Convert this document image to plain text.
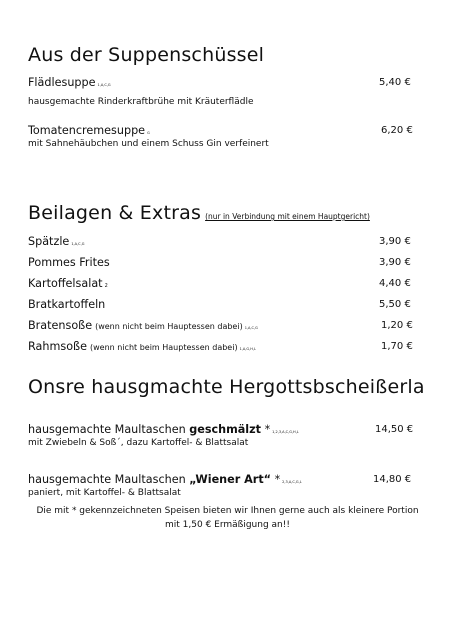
Aus der Suppenschüssel
Flädlesuppe 1,A,C,G	5,40 €
hausgemachte Rinderkraftbrühe mit Kräuterflädle
Tomatencremesuppe G	6,20 €
mit Sahnehäubchen und einem Schuss Gin verfeinert
Beilagen & Extras (nur in Verbindung mit einem Hauptgericht)
Spätzle 1,A,C,G	3,90 €
Pommes Frites	3,90 €
Kartoffelsalat 2	4,40 €
Bratkartoffeln	5,50 €
Bratensoße (wenn nicht beim Hauptessen dabei) 1,A,C,G	1,20 €
Rahmsoße (wenn nicht beim Hauptessen dabei) 1,A,G,H,L	1,70 €
Onsre hausgmachte Hergottsbscheißerla
hausgemachte Maultaschen geschmälzt * 1,2,3,A,C,G,H,L	14,50 €
mit Zwiebeln & Soß´, dazu Kartoffel- & Blattsalat
hausgemachte Maultaschen „Wiener Art“ * 2,3,A,C,G,L	14,80 €
paniert, mit Kartoffel- & Blattsalat
Die mit * gekennzeichneten Speisen bieten wir Ihnen gerne auch als kleinere Portion
mit 1,50 € Ermäßigung an!!
